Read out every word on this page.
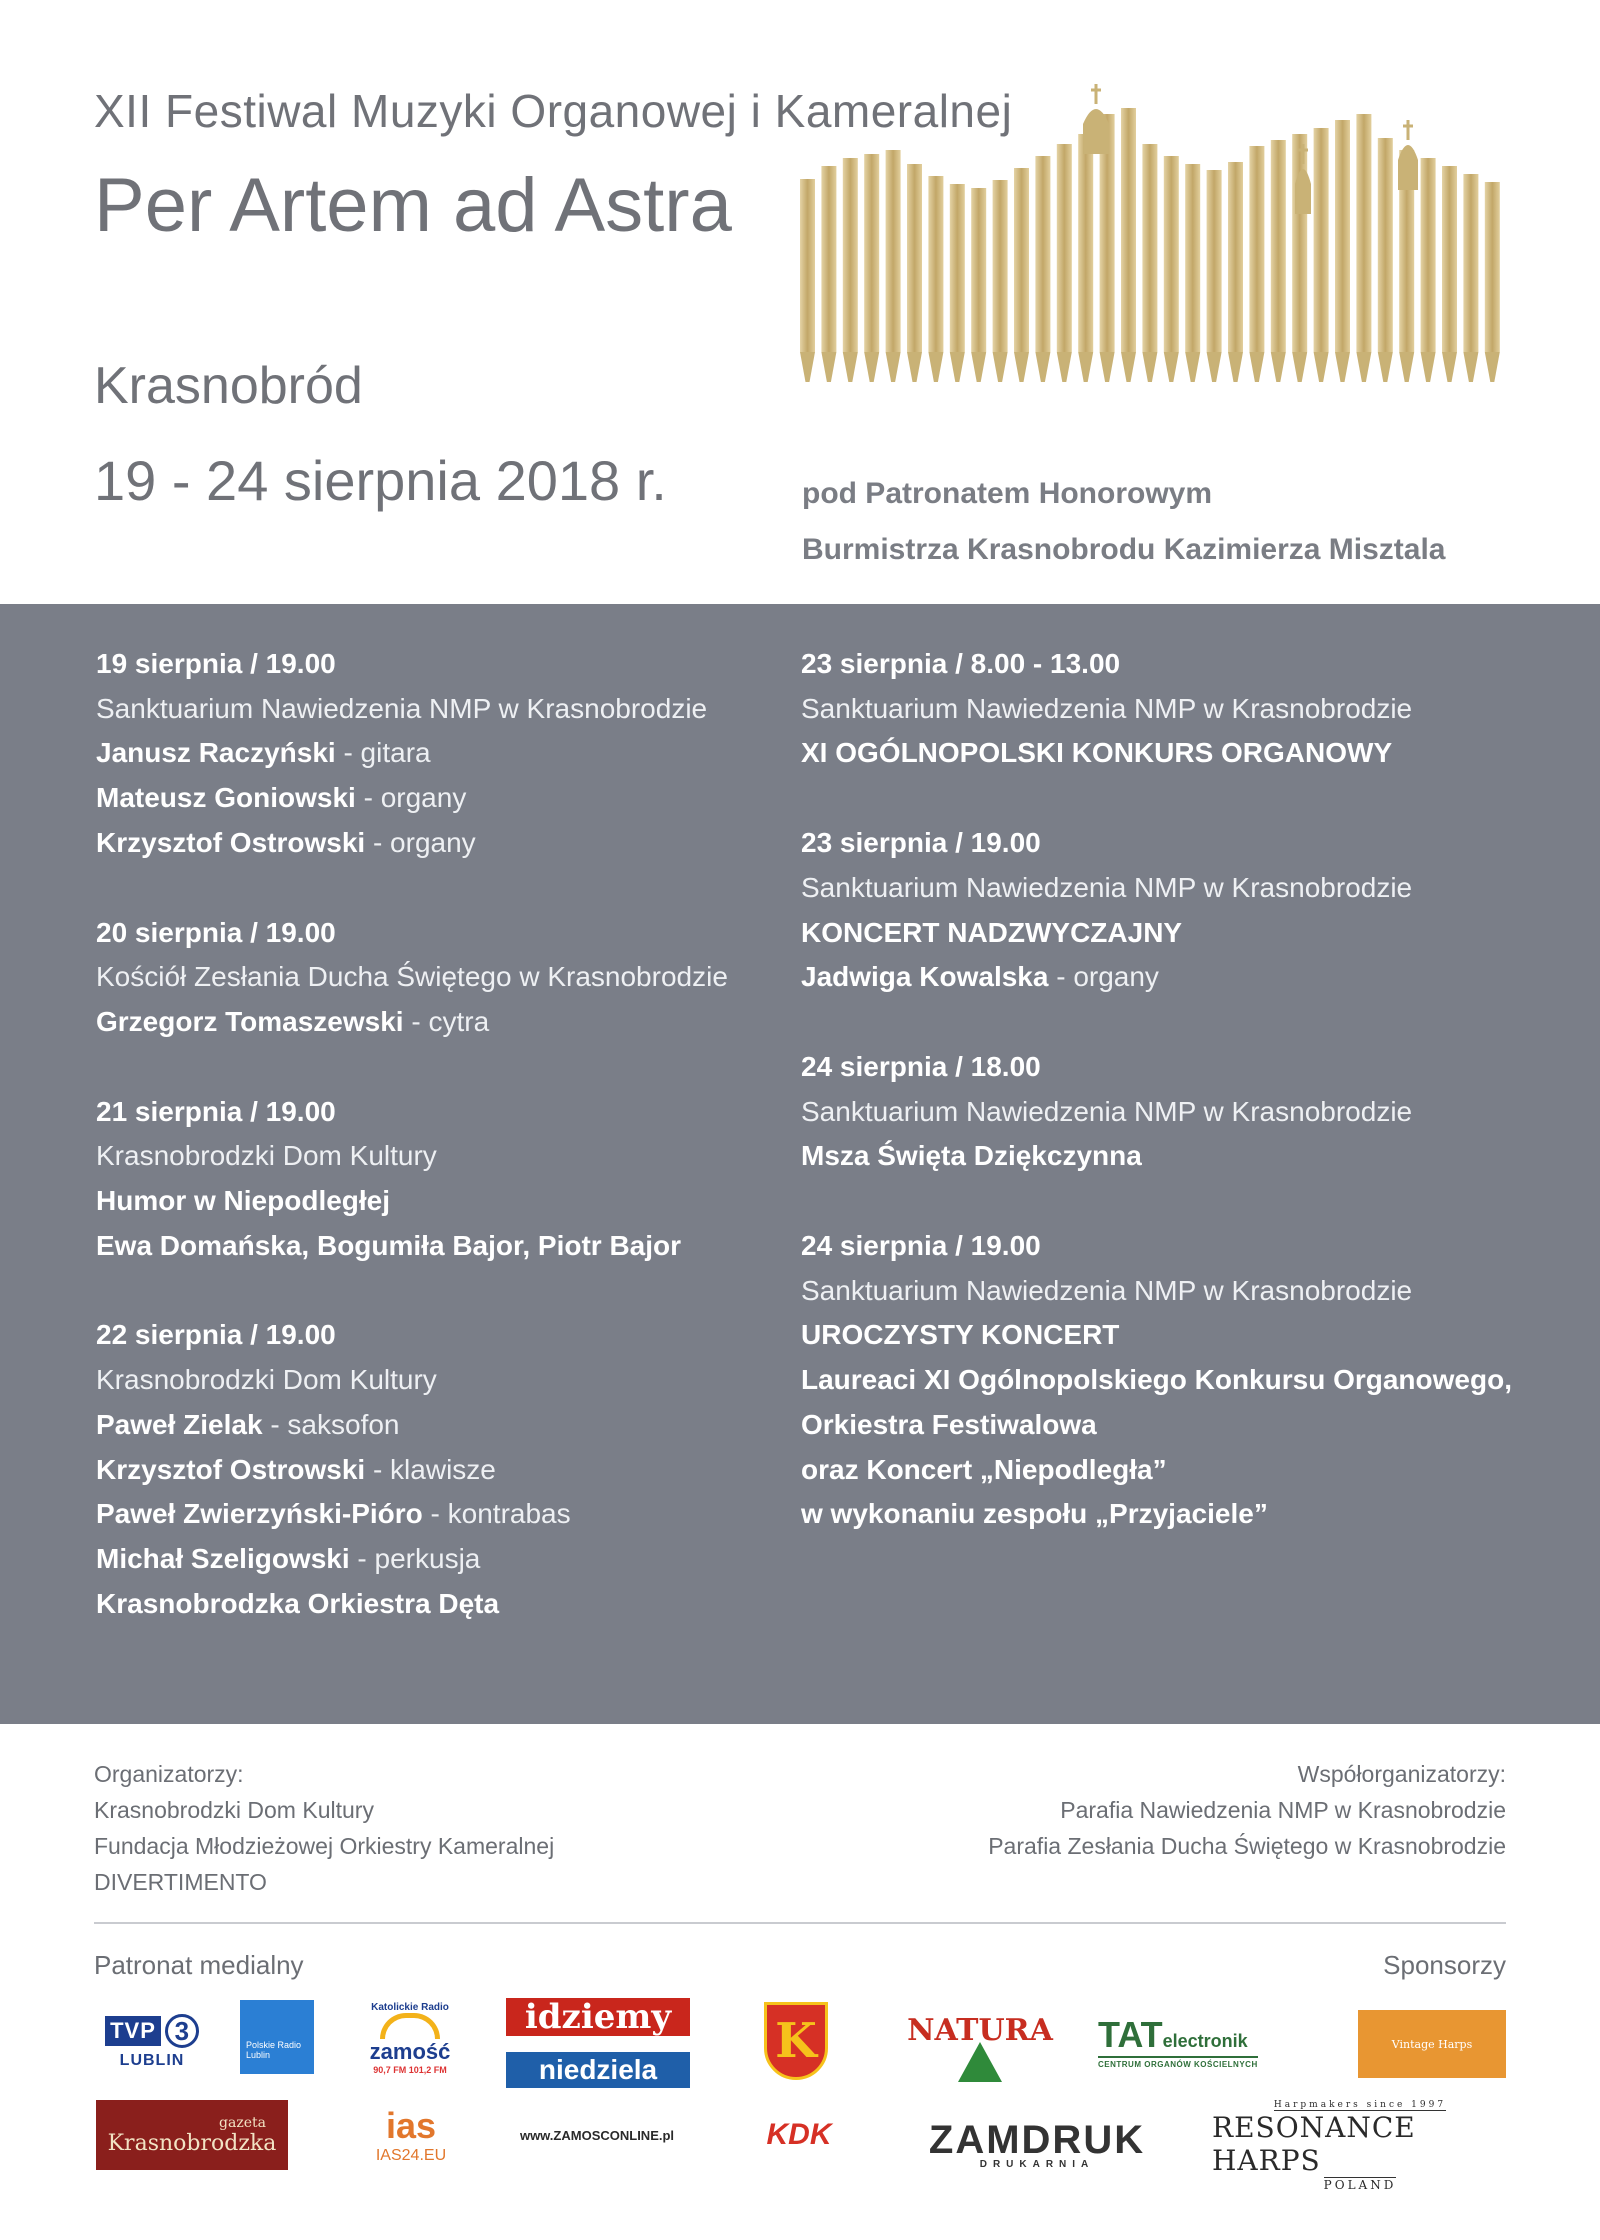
XII Festiwal Muzyki Organowej i Kameralnej
Per Artem ad Astra
Krasnobród
19 - 24 sierpnia 2018 r.	pod Patronatem Honorowym
Burmistrza Krasnobrodu Kazimierza Misztala
19 sierpnia / 19.00
Sanktuarium Nawiedzenia NMP w Krasnobrodzie
Janusz Raczyński - gitara
Mateusz Goniowski - organy
Krzysztof Ostrowski - organy
20 sierpnia / 19.00
Kościół Zesłania Ducha Świętego w Krasnobrodzie
Grzegorz Tomaszewski - cytra
21 sierpnia / 19.00
Krasnobrodzki Dom Kultury
Humor w Niepodległej
Ewa Domańska, Bogumiła Bajor, Piotr Bajor
22 sierpnia / 19.00
Krasnobrodzki Dom Kultury
Paweł Zielak - saksofon
Krzysztof Ostrowski - klawisze
Paweł Zwierzyński-Pióro - kontrabas
Michał Szeligowski - perkusja
Krasnobrodzka Orkiestra Dęta
23 sierpnia / 8.00 - 13.00
Sanktuarium Nawiedzenia NMP w Krasnobrodzie
XI OGÓLNOPOLSKI KONKURS ORGANOWY
23 sierpnia / 19.00
Sanktuarium Nawiedzenia NMP w Krasnobrodzie
KONCERT NADZWYCZAJNY
Jadwiga Kowalska - organy
24 sierpnia / 18.00
Sanktuarium Nawiedzenia NMP w Krasnobrodzie
Msza Święta Dziękczynna
24 sierpnia / 19.00
Sanktuarium Nawiedzenia NMP w Krasnobrodzie
UROCZYSTY KONCERT
Laureaci XI Ogólnopolskiego Konkursu Organowego,
Orkiestra Festiwalowa
oraz Koncert „Niepodległa”
w wykonaniu zespołu „Przyjaciele”
Organizatorzy:
Krasnobrodzki Dom Kultury
Fundacja Młodzieżowej Orkiestry Kameralnej
DIVERTIMENTO
Współorganizatorzy:
Parafia Nawiedzenia NMP w Krasnobrodzie
Parafia Zesłania Ducha Świętego w Krasnobrodzie
Patronat medialny	Sponsorzy
TVP 3
LUBLIN
Polskie Radio Lublin
Katolickie Radio
zamość
90,7 FM 101,2 FM
idziemy
niedziela
K	NATURA TATelectronik
CENTRUM ORGANÓW KOŚCIELNYCH
Vintage Harps
gazeta
Krasnobrodzka	ias
IAS24.EU
www.ZAMOSCONLINE.pl	KDK ZAMDRUK
DRUKARNIA
Harpmakers since 1997
RESONANCE HARPS
POLAND
